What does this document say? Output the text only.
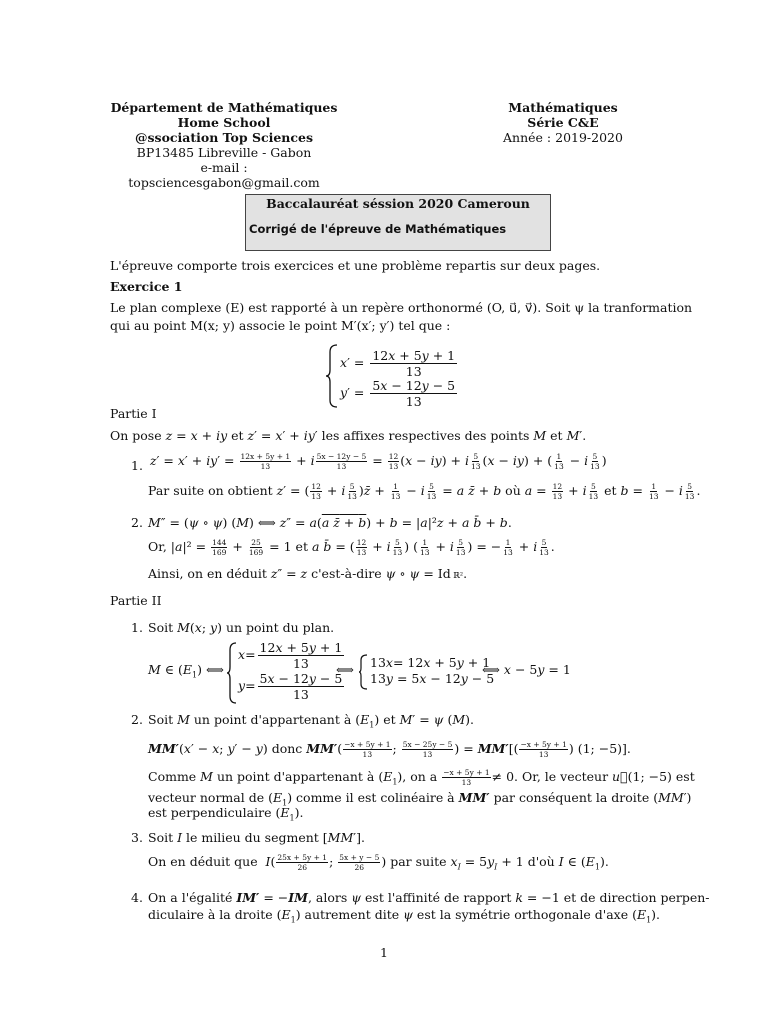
Département de Mathématiques
Home School
@ssociation Top Sciences
BP13485 Libreville - Gabon
e-mail : topsciencesgabon@gmail.com
Mathématiques
Série C&E
Année : 2019-2020
Baccalauréat séssion 2020 Cameroun
Corrigé de l'épreuve de Mathématiques
L'épreuve comporte trois exercices et une problème repartis sur deux pages.
Exercice 1
Le plan complexe (E) est rapporté à un repère orthonormé (O, u⃗, v⃗). Soit ψ la tranformation
qui au point M(x; y) associe le point M′(x′; y′) tel que :
$x' = \frac{12x + 5y + 1}{13}$
$y' = \frac{5x - 12y - 5}{13}$
Partie I
On pose z = x + iy et z′ = x′ + iy′ les affixes respectives des points M et M′.
1. $z' = x' + iy' = \frac{12x + 5y + 1}{13} + i \frac{5x - 12y - 5}{13} = \frac{12}{13} (x - iy) + i \frac{5}{13} (x - iy)$ + ( $\frac{1}{13} - i \frac{5}{13}$ )
Par suite on obtient z′ = ( $\frac{12}{13} + i \frac{5}{13}$ )z̄ + $\frac{1}{13} - i \frac{5}{13} = a$ z̄ + b où $a = \frac{12}{13} + i \frac{5}{13}$ et $b = \frac{1}{13} - i \frac{5}{13}$ .
2. M″ = (ψ ∘ ψ) (M) ⟺ z″ = a(a z̄ + b) + b = |a|²z + a b̄ + b.
Or, $|a|^2 = \frac{144}{169} + \frac{25}{169} = 1$ et a b̄ = ( $\frac{12}{13} + i \frac{5}{13}$ ) ( $\frac{1}{13} + i \frac{5}{13}$ ) = − $\frac{1}{13} + i \frac{5}{13}$ .
Ainsi, on en déduit z″ = z c'est-à-dire ψ ∘ ψ = Id ℝ².
Partie II
1. Soit M(x; y) un point du plan.
M ∈ $(E_1)$ ⟺
$x= \frac{12x + 5y + 1}{13}$
$y= \frac{5x - 12y - 5}{13}$
⟺ 13x= 12x + 5y + 1
13y = 5x − 12y − 5
⟺ x − 5y = 1
2. Soit M un point d'appartenant à $(E_1)$ et M′ = ψ (M).
MM′(x′ − x; y′ − y) donc $MM'( \frac{-x + 5y + 1}{13}$ ; $\frac{5x - 25y - 5}{13}$ ) = $MM'[( \frac{-x + 5y + 1}{13}$ ) (1; −5)].
Comme M un point d'appartenant à $(E_1)$, on a $\frac{-x + 5y + 1}{13} \ne 0$. Or, le vecteur u⃗(1; −5) est
vecteur normal de $(E_1)$ comme il est colinéaire à MM′ par conséquent la droite (MM′)
est perpendiculaire $(E_1)$.
3. Soit I le milieu du segment [MM′].
On en déduit que  $I( \frac{25x + 5y + 1}{26}$ ; $\frac{5x + y - 5}{26}$ ) par suite $x_I = 5y_I + 1$ d'où I ∈ $(E_1)$.
4. On a l'égalité IM′ = −IM, alors ψ est l'affinité de rapport k = −1 et de direction perpen-
diculaire à la droite $(E_1)$ autrement dite ψ est la symétrie orthogonale d'axe $(E_1)$.
1
